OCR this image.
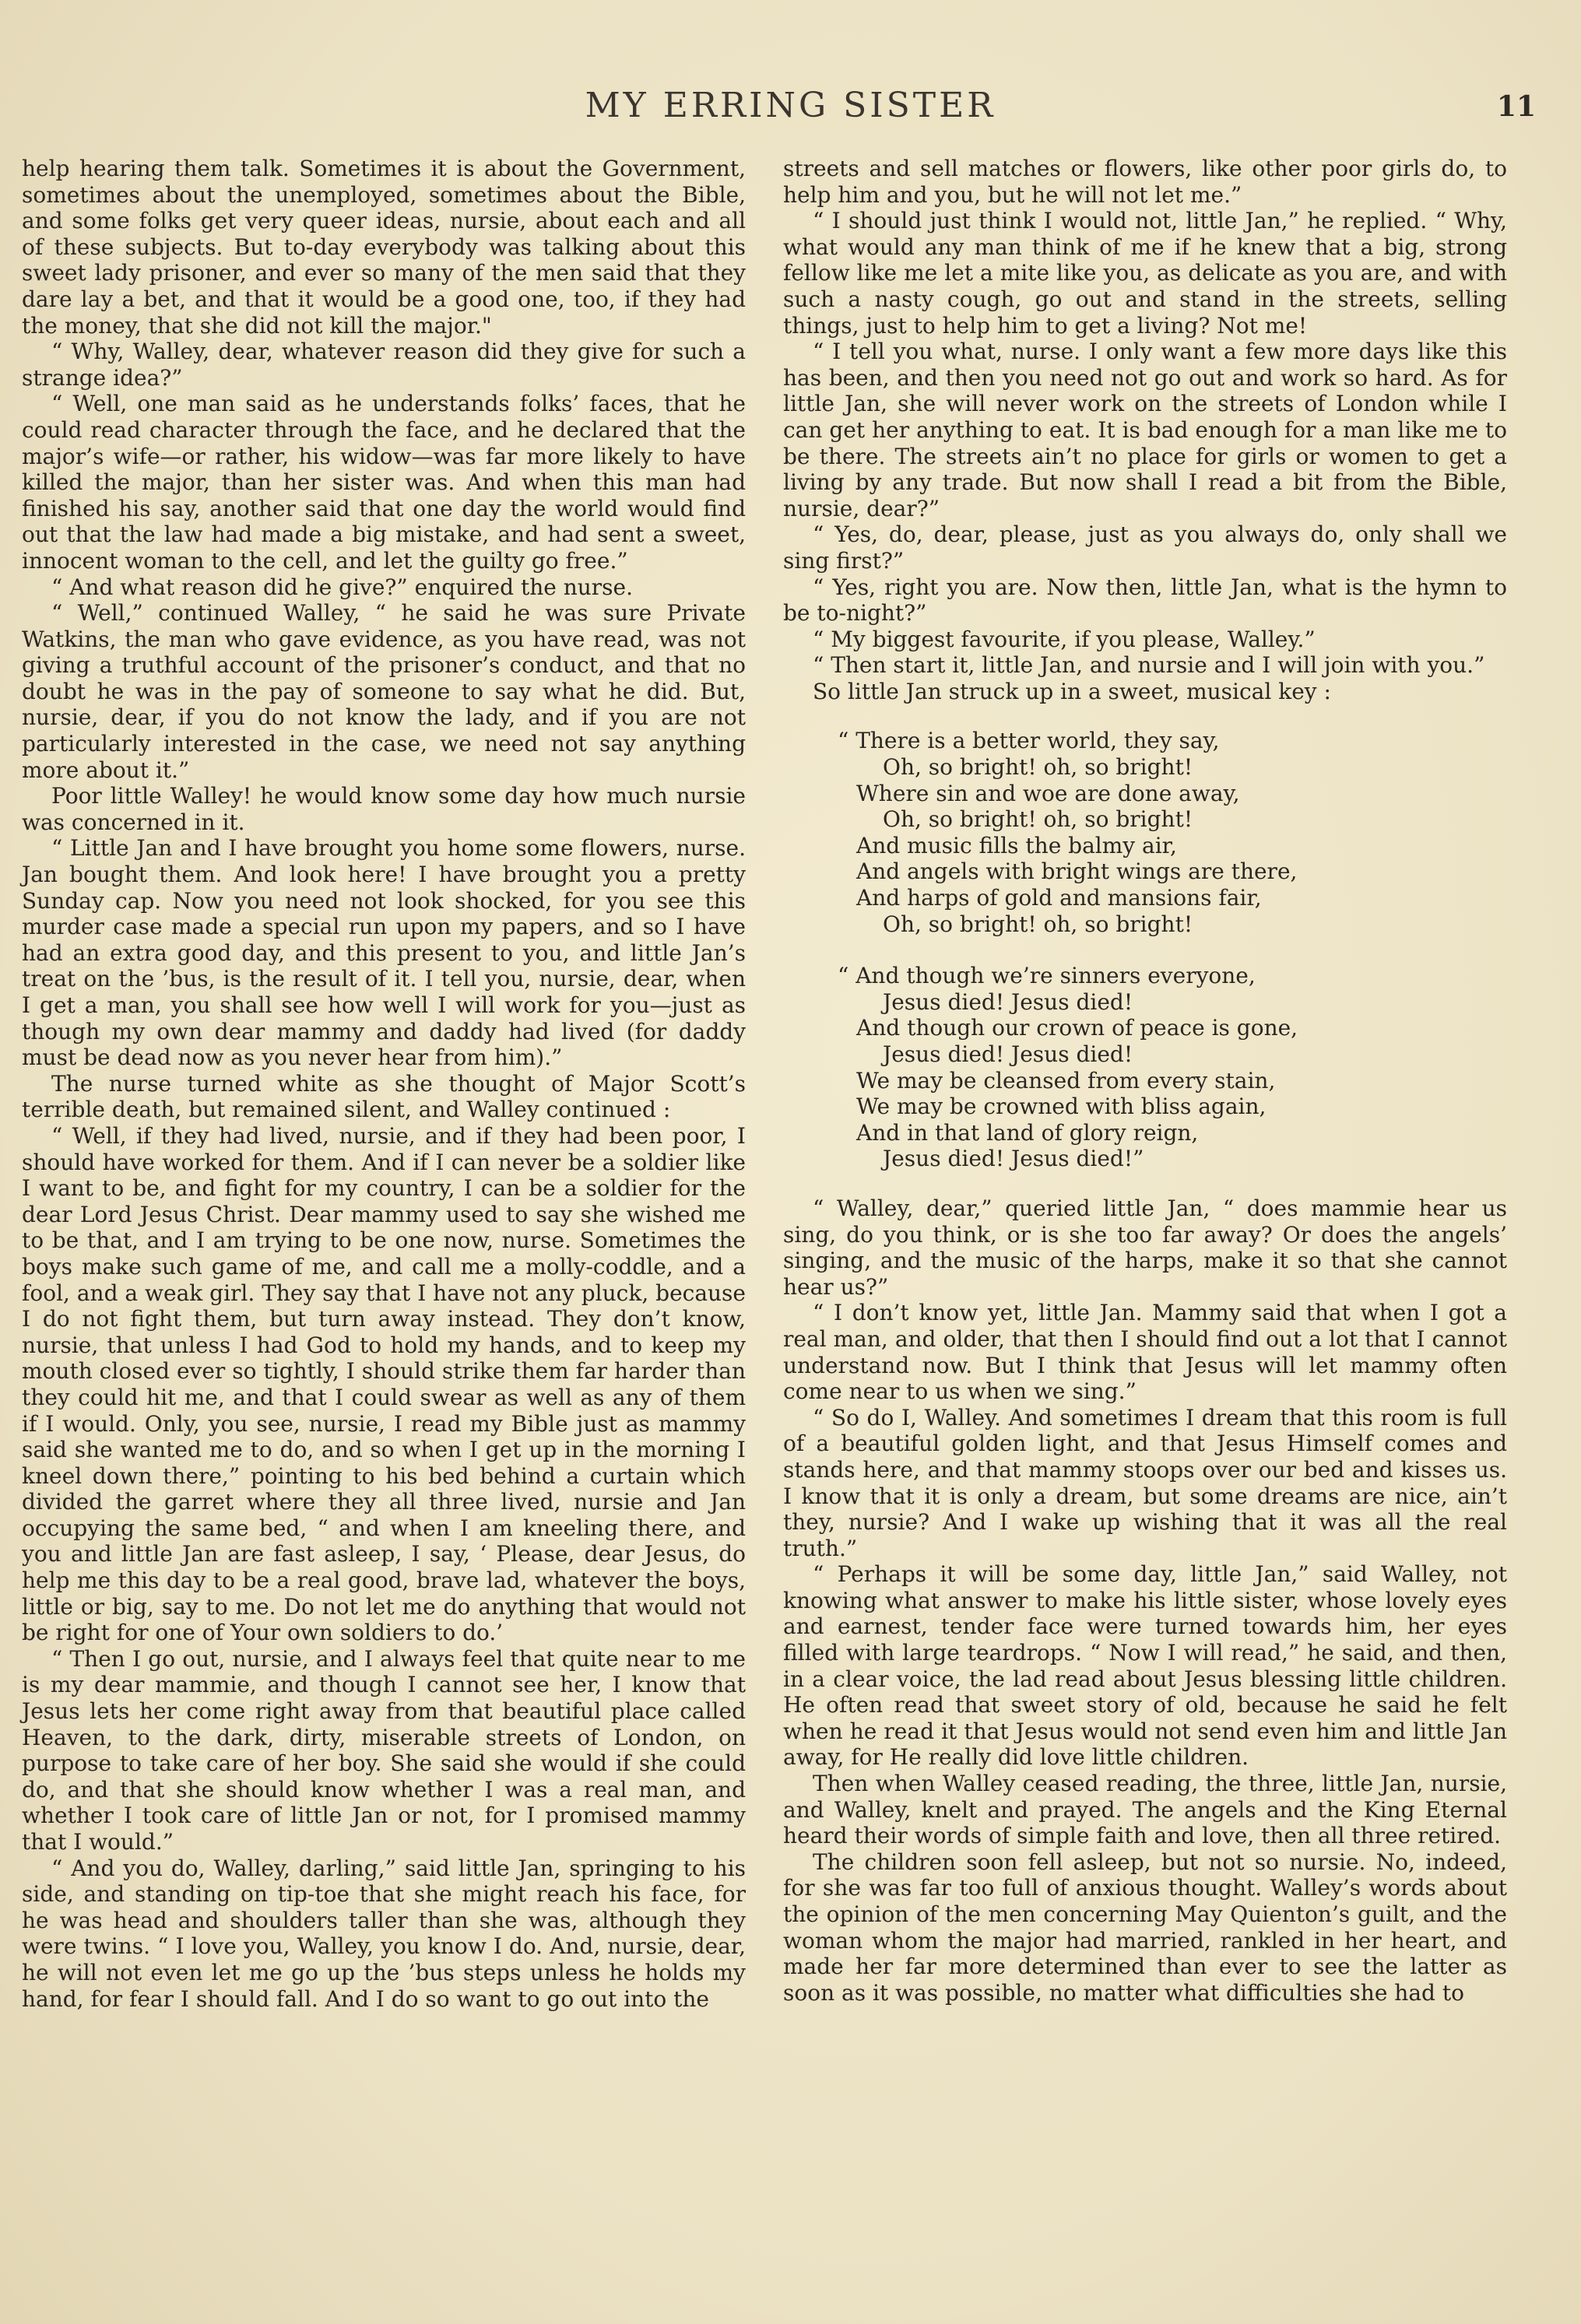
MY ERRING SISTER	11

help hearing them talk. Sometimes it is about the Government, sometimes about the unemployed, sometimes about the Bible, and some folks get very queer ideas, nursie, about each and all of these subjects. But to-day everybody was talking about this sweet lady prisoner, and ever so many of the men said that they dare lay a bet, and that it would be a good one, too, if they had the money, that she did not kill the major."

“ Why, Walley, dear, whatever reason did they give for such a strange idea?”

“ Well, one man said as he understands folks’ faces, that he could read character through the face, and he declared that the major’s wife—or rather, his widow—was far more likely to have killed the major, than her sister was. And when this man had finished his say, another said that one day the world would find out that the law had made a big mistake, and had sent a sweet, innocent woman to the cell, and let the guilty go free.”

“ And what reason did he give?” enquired the nurse.

“ Well,” continued Walley, “ he said he was sure Private Watkins, the man who gave evidence, as you have read, was not giving a truthful account of the prisoner’s conduct, and that no doubt he was in the pay of someone to say what he did. But, nursie, dear, if you do not know the lady, and if you are not particularly interested in the case, we need not say anything more about it.”

Poor little Walley! he would know some day how much nursie was concerned in it.

“ Little Jan and I have brought you home some flowers, nurse. Jan bought them. And look here! I have brought you a pretty Sunday cap. Now you need not look shocked, for you see this murder case made a special run upon my papers, and so I have had an extra good day, and this present to you, and little Jan’s treat on the ’bus, is the result of it. I tell you, nursie, dear, when I get a man, you shall see how well I will work for you—just as though my own dear mammy and daddy had lived (for daddy must be dead now as you never hear from him).”

The nurse turned white as she thought of Major Scott’s terrible death, but remained silent, and Walley continued :

“ Well, if they had lived, nursie, and if they had been poor, I should have worked for them. And if I can never be a soldier like I want to be, and fight for my country, I can be a soldier for the dear Lord Jesus Christ. Dear mammy used to say she wished me to be that, and I am trying to be one now, nurse. Sometimes the boys make such game of me, and call me a molly-coddle, and a fool, and a weak girl. They say that I have not any pluck, because I do not fight them, but turn away instead. They don’t know, nursie, that unless I had God to hold my hands, and to keep my mouth closed ever so tightly, I should strike them far harder than they could hit me, and that I could swear as well as any of them if I would. Only, you see, nursie, I read my Bible just as mammy said she wanted me to do, and so when I get up in the morning I kneel down there,” pointing to his bed behind a curtain which divided the garret where they all three lived, nursie and Jan occupying the same bed, “ and when I am kneeling there, and you and little Jan are fast asleep, I say, ‘ Please, dear Jesus, do help me this day to be a real good, brave lad, whatever the boys, little or big, say to me. Do not let me do anything that would not be right for one of Your own soldiers to do.’

“ Then I go out, nursie, and I always feel that quite near to me is my dear mammie, and though I cannot see her, I know that Jesus lets her come right away from that beautiful place called Heaven, to the dark, dirty, miserable streets of London, on purpose to take care of her boy. She said she would if she could do, and that she should know whether I was a real man, and whether I took care of little Jan or not, for I promised mammy that I would.”

“ And you do, Walley, darling,” said little Jan, springing to his side, and standing on tip-toe that she might reach his face, for he was head and shoulders taller than she was, although they were twins. “ I love you, Walley, you know I do. And, nursie, dear, he will not even let me go up the ’bus steps unless he holds my hand, for fear I should fall. And I do so want to go out into the

streets and sell matches or flowers, like other poor girls do, to help him and you, but he will not let me.”

“ I should just think I would not, little Jan,” he replied. “ Why, what would any man think of me if he knew that a big, strong fellow like me let a mite like you, as delicate as you are, and with such a nasty cough, go out and stand in the streets, selling things, just to help him to get a living? Not me!

“ I tell you what, nurse. I only want a few more days like this has been, and then you need not go out and work so hard. As for little Jan, she will never work on the streets of London while I can get her anything to eat. It is bad enough for a man like me to be there. The streets ain’t no place for girls or women to get a living by any trade. But now shall I read a bit from the Bible, nursie, dear?”

“ Yes, do, dear, please, just as you always do, only shall we sing first?”

“ Yes, right you are. Now then, little Jan, what is the hymn to be to-night?”

“ My biggest favourite, if you please, Walley.”

“ Then start it, little Jan, and nursie and I will join with you.”

So little Jan struck up in a sweet, musical key :

“ There is a better world, they say,
Oh, so bright! oh, so bright!
Where sin and woe are done away,
Oh, so bright! oh, so bright!
And music fills the balmy air,
And angels with bright wings are there,
And harps of gold and mansions fair,
Oh, so bright! oh, so bright!
“ And though we’re sinners everyone,
Jesus died! Jesus died!
And though our crown of peace is gone,
Jesus died! Jesus died!
We may be cleansed from every stain,
We may be crowned with bliss again,
And in that land of glory reign,
Jesus died! Jesus died!”

“ Walley, dear,” queried little Jan, “ does mammie hear us sing, do you think, or is she too far away? Or does the angels’ singing, and the music of the harps, make it so that she cannot hear us?”

“ I don’t know yet, little Jan. Mammy said that when I got a real man, and older, that then I should find out a lot that I cannot understand now. But I think that Jesus will let mammy often come near to us when we sing.”

“ So do I, Walley. And sometimes I dream that this room is full of a beautiful golden light, and that Jesus Himself comes and stands here, and that mammy stoops over our bed and kisses us. I know that it is only a dream, but some dreams are nice, ain’t they, nursie? And I wake up wishing that it was all the real truth.”

“ Perhaps it will be some day, little Jan,” said Walley, not knowing what answer to make his little sister, whose lovely eyes and earnest, tender face were turned towards him, her eyes filled with large teardrops. “ Now I will read,” he said, and then, in a clear voice, the lad read about Jesus blessing little children. He often read that sweet story of old, because he said he felt when he read it that Jesus would not send even him and little Jan away, for He really did love little children.

Then when Walley ceased reading, the three, little Jan, nursie, and Walley, knelt and prayed. The angels and the King Eternal heard their words of simple faith and love, then all three retired.

The children soon fell asleep, but not so nursie. No, indeed, for she was far too full of anxious thought. Walley’s words about the opinion of the men concerning May Quienton’s guilt, and the woman whom the major had married, rankled in her heart, and made her far more determined than ever to see the latter as soon as it was possible, no matter what difficulties she had to
